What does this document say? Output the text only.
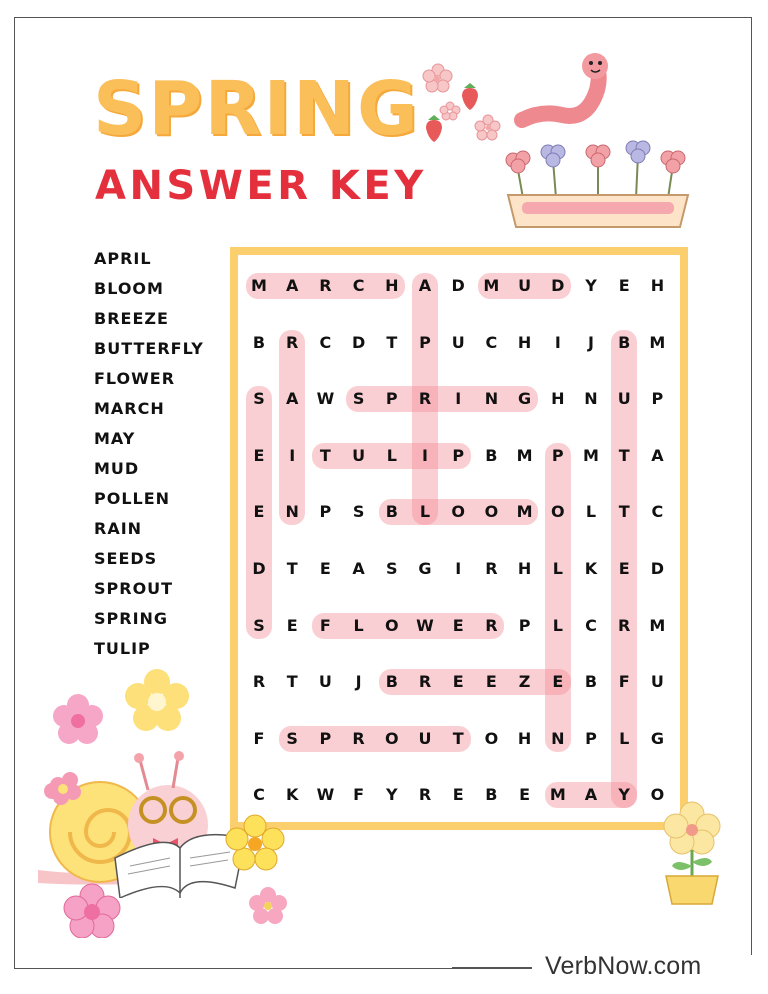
VerbNow.com
SPRING
ANSWER KEY
APRIL
BLOOM
BREEZE
BUTTERFLY
FLOWER
MARCH
MAY
MUD
POLLEN
RAIN
SEEDS
SPROUT
SPRING
TULIP
M	A	R	C	H	A	D	M	U	D	Y	E	H
B	R	C	D	T	P	U	C	H	I	J	B	M
S	A	W	S	P	R	I	N	G	H	N	U	P
E	I	T	U	L	I	P	B	M	P	M	T	A
E	N	P	S	B	L	O	O	M	O	L	T	C
D	T	E	A	S	G	I	R	H	L	K	E	D
S	E	F	L	O	W	E	R	P	L	C	R	M
R	T	U	J	B	R	E	E	Z	E	B	F	U
F	S	P	R	O	U	T	O	H	N	P	L	G
C	K	W	F	Y	R	E	B	E	M	A	Y	O
